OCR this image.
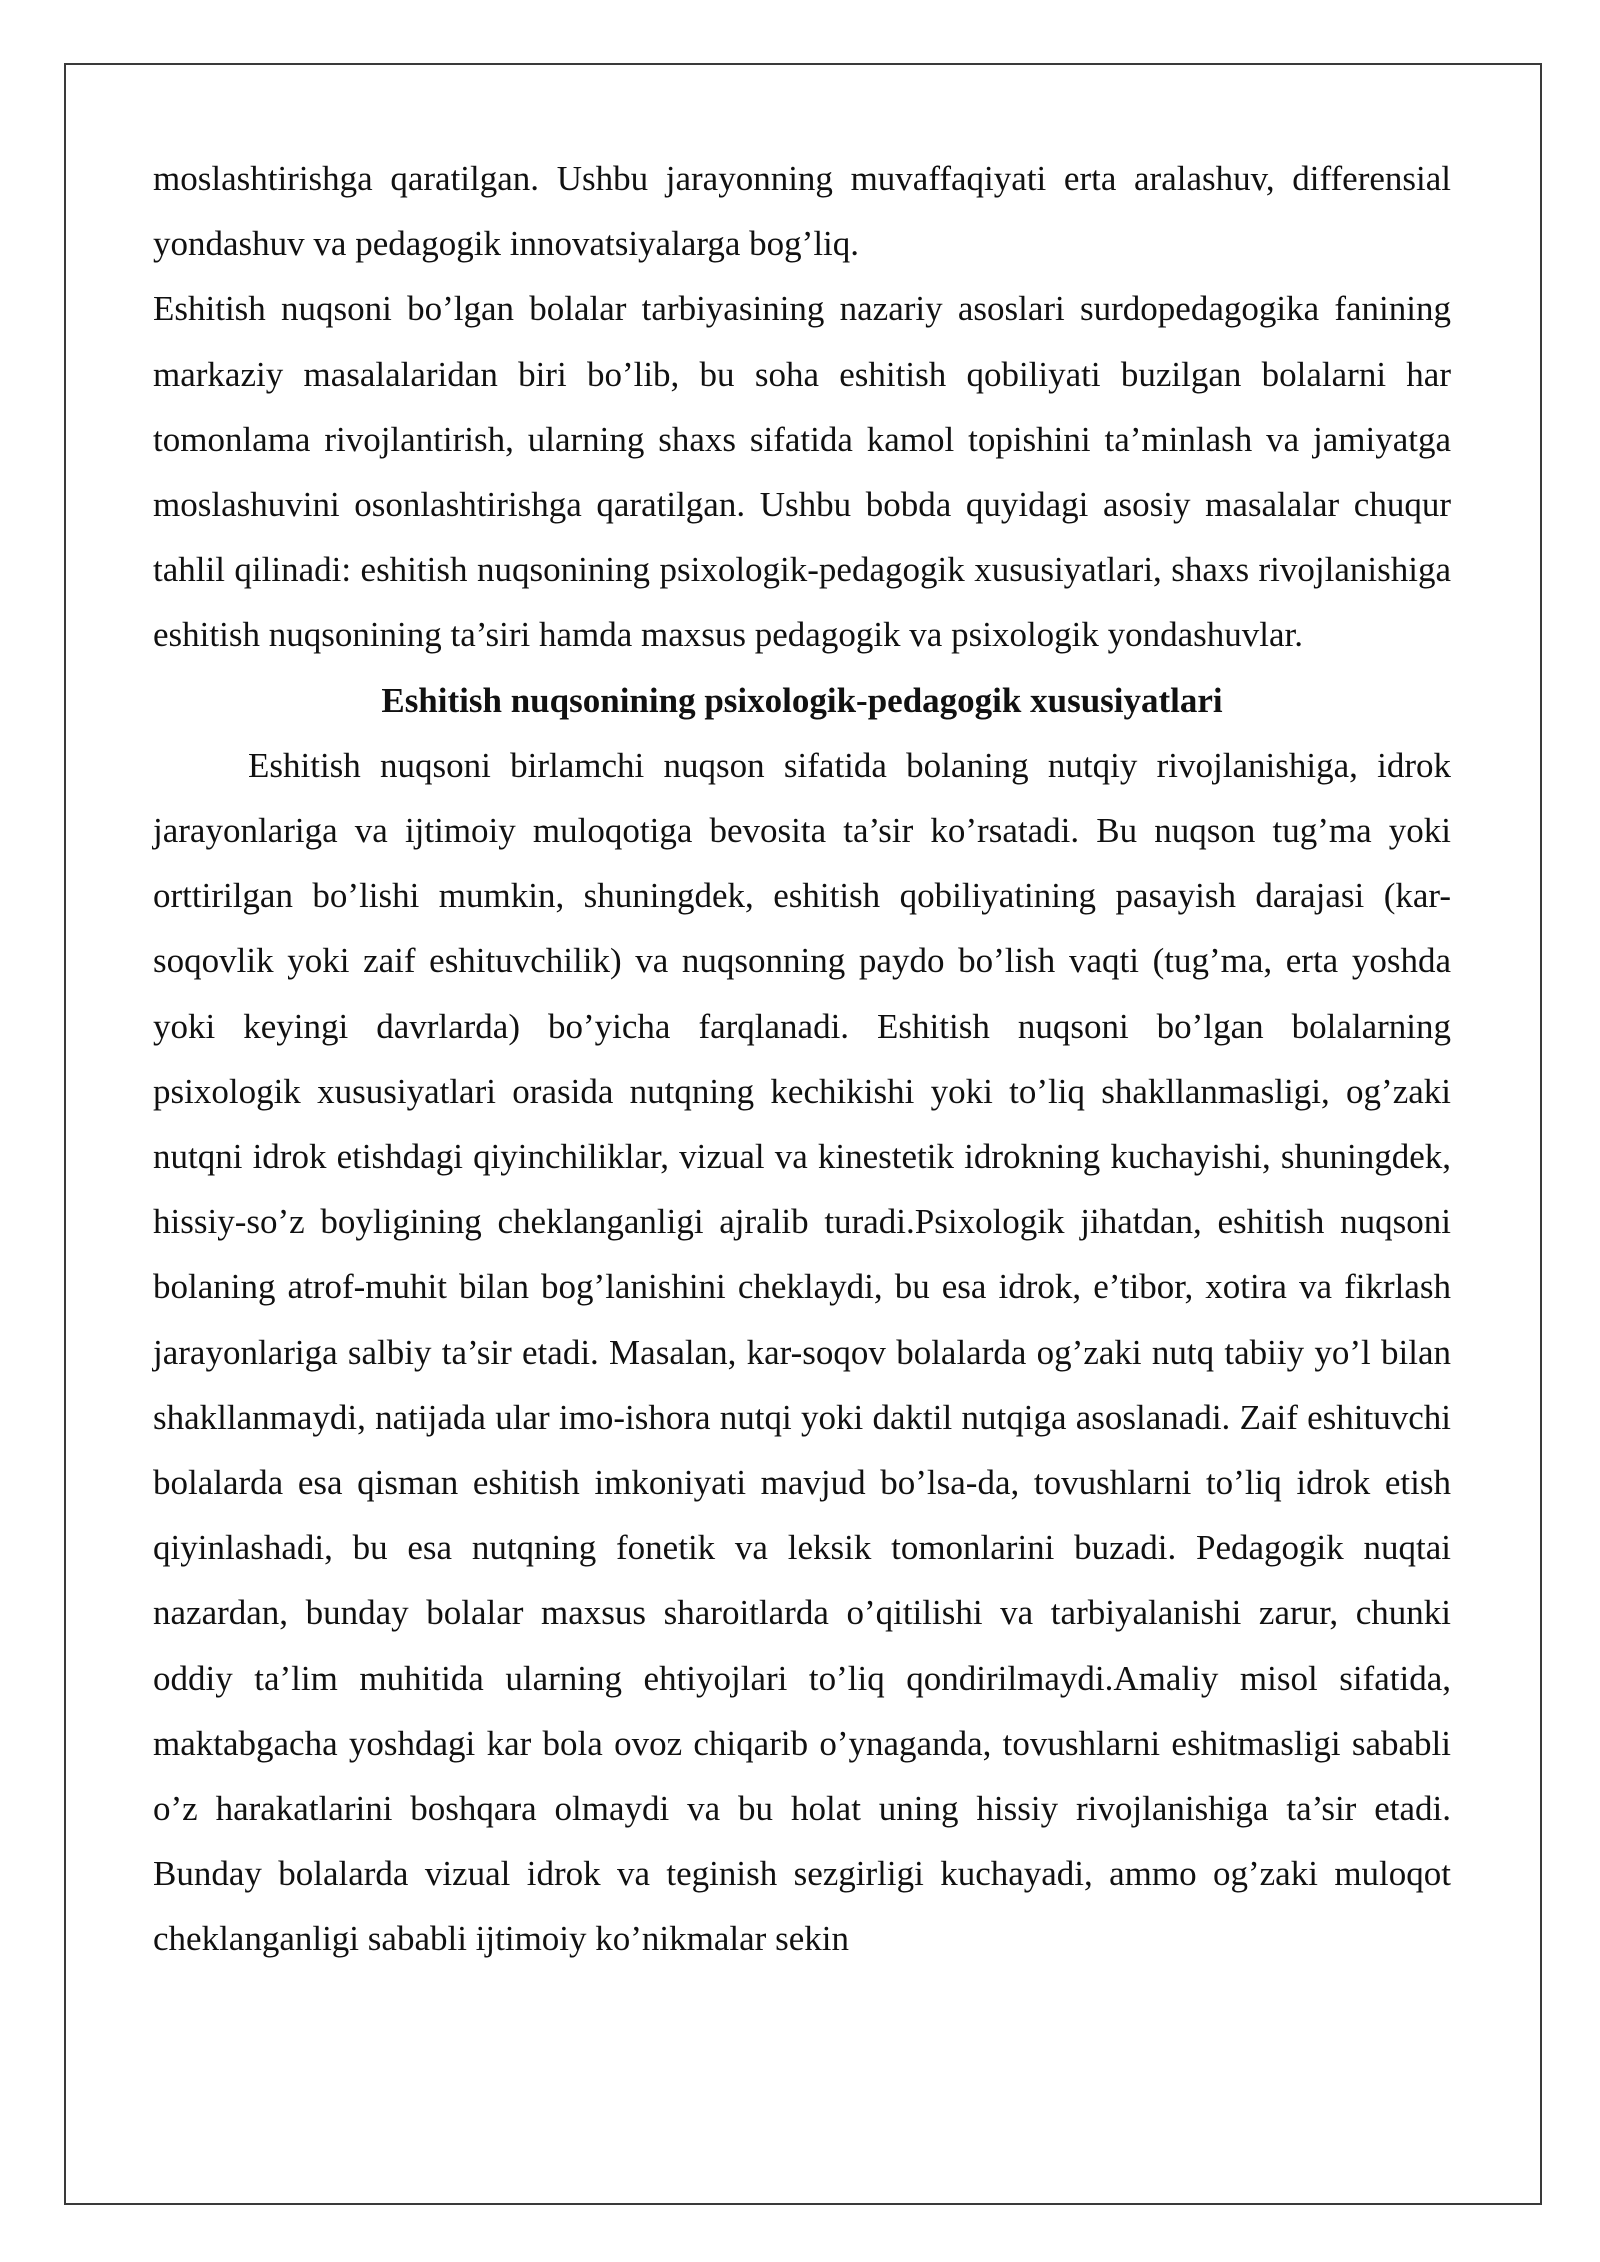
moslashtirishga qaratilgan. Ushbu jarayonning muvaffaqiyati erta aralashuv, differensial yondashuv va pedagogik innovatsiyalarga bog’liq.

Eshitish nuqsoni bo’lgan bolalar tarbiyasining nazariy asoslari surdopedagogika fanining markaziy masalalaridan biri bo’lib, bu soha eshitish qobiliyati buzilgan bolalarni har tomonlama rivojlantirish, ularning shaxs sifatida kamol topishini ta’minlash va jamiyatga moslashuvini osonlashtirishga qaratilgan. Ushbu bobda quyidagi asosiy masalalar chuqur tahlil qilinadi: eshitish nuqsonining psixologik-pedagogik xususiyatlari, shaxs rivojlanishiga eshitish nuqsonining ta’siri hamda maxsus pedagogik va psixologik yondashuvlar.

Eshitish nuqsonining psixologik-pedagogik xususiyatlari

Eshitish nuqsoni birlamchi nuqson sifatida bolaning nutqiy rivojlanishiga, idrok jarayonlariga va ijtimoiy muloqotiga bevosita ta’sir ko’rsatadi. Bu nuqson tug’ma yoki orttirilgan bo’lishi mumkin, shuningdek, eshitish qobiliyatining pasayish darajasi (kar-soqovlik yoki zaif eshituvchilik) va nuqsonning paydo bo’lish vaqti (tug’ma, erta yoshda yoki keyingi davrlarda) bo’yicha farqlanadi. Eshitish nuqsoni bo’lgan bolalarning psixologik xususiyatlari orasida nutqning kechikishi yoki to’liq shakllanmasligi, og’zaki nutqni idrok etishdagi qiyinchiliklar, vizual va kinestetik idrokning kuchayishi, shuningdek, hissiy-so’z boyligining cheklanganligi ajralib turadi.Psixologik jihatdan, eshitish nuqsoni bolaning atrof-muhit bilan bog’lanishini cheklaydi, bu esa idrok, e’tibor, xotira va fikrlash jarayonlariga salbiy ta’sir etadi. Masalan, kar-soqov bolalarda og’zaki nutq tabiiy yo’l bilan shakllanmaydi, natijada ular imo-ishora nutqi yoki daktil nutqiga asoslanadi. Zaif eshituvchi bolalarda esa qisman eshitish imkoniyati mavjud bo’lsa-da, tovushlarni to’liq idrok etish qiyinlashadi, bu esa nutqning fonetik va leksik tomonlarini buzadi. Pedagogik nuqtai nazardan, bunday bolalar maxsus sharoitlarda o’qitilishi va tarbiyalanishi zarur, chunki oddiy ta’lim muhitida ularning ehtiyojlari to’liq qondirilmaydi.Amaliy misol sifatida, maktabgacha yoshdagi kar bola ovoz chiqarib o’ynaganda, tovushlarni eshitmasligi sababli o’z harakatlarini boshqara olmaydi va bu holat uning hissiy rivojlanishiga ta’sir etadi. Bunday bolalarda vizual idrok va teginish sezgirligi kuchayadi, ammo og’zaki muloqot cheklanganligi sababli ijtimoiy ko’nikmalar sekin
